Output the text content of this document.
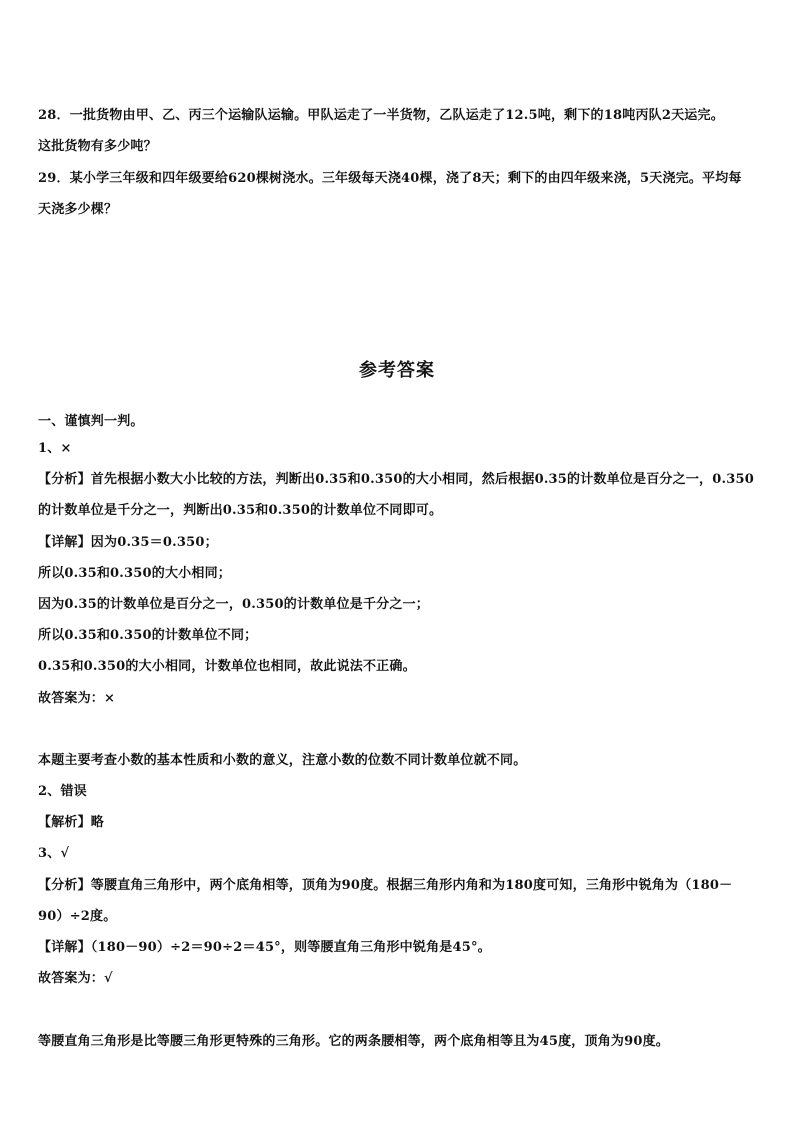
28．一批货物由甲、乙、丙三个运输队运输。甲队运走了一半货物，乙队运走了12.5吨，剩下的18吨丙队2天运完。
这批货物有多少吨？
29．某小学三年级和四年级要给620棵树浇水。三年级每天浇40棵，浇了8天；剩下的由四年级来浇，5天浇完。平均每
天浇多少棵？
参考答案
一、谨慎判一判。
1、×
【分析】首先根据小数大小比较的方法，判断出0.35和0.350的大小相同，然后根据0.35的计数单位是百分之一，0.350
的计数单位是千分之一，判断出0.35和0.350的计数单位不同即可。
【详解】因为0.35＝0.350；
所以0.35和0.350的大小相同；
因为0.35的计数单位是百分之一，0.350的计数单位是千分之一；
所以0.35和0.350的计数单位不同；
0.35和0.350的大小相同，计数单位也相同，故此说法不正确。
故答案为：×
本题主要考查小数的基本性质和小数的意义，注意小数的位数不同计数单位就不同。
2、错误
【解析】略
3、√
【分析】等腰直角三角形中，两个底角相等，顶角为90度。根据三角形内角和为180度可知，三角形中锐角为（180－
90）÷2度。
【详解】（180－90）÷2＝90÷2＝45°，则等腰直角三角形中锐角是45°。
故答案为：√
等腰直角三角形是比等腰三角形更特殊的三角形。它的两条腰相等，两个底角相等且为45度，顶角为90度。
